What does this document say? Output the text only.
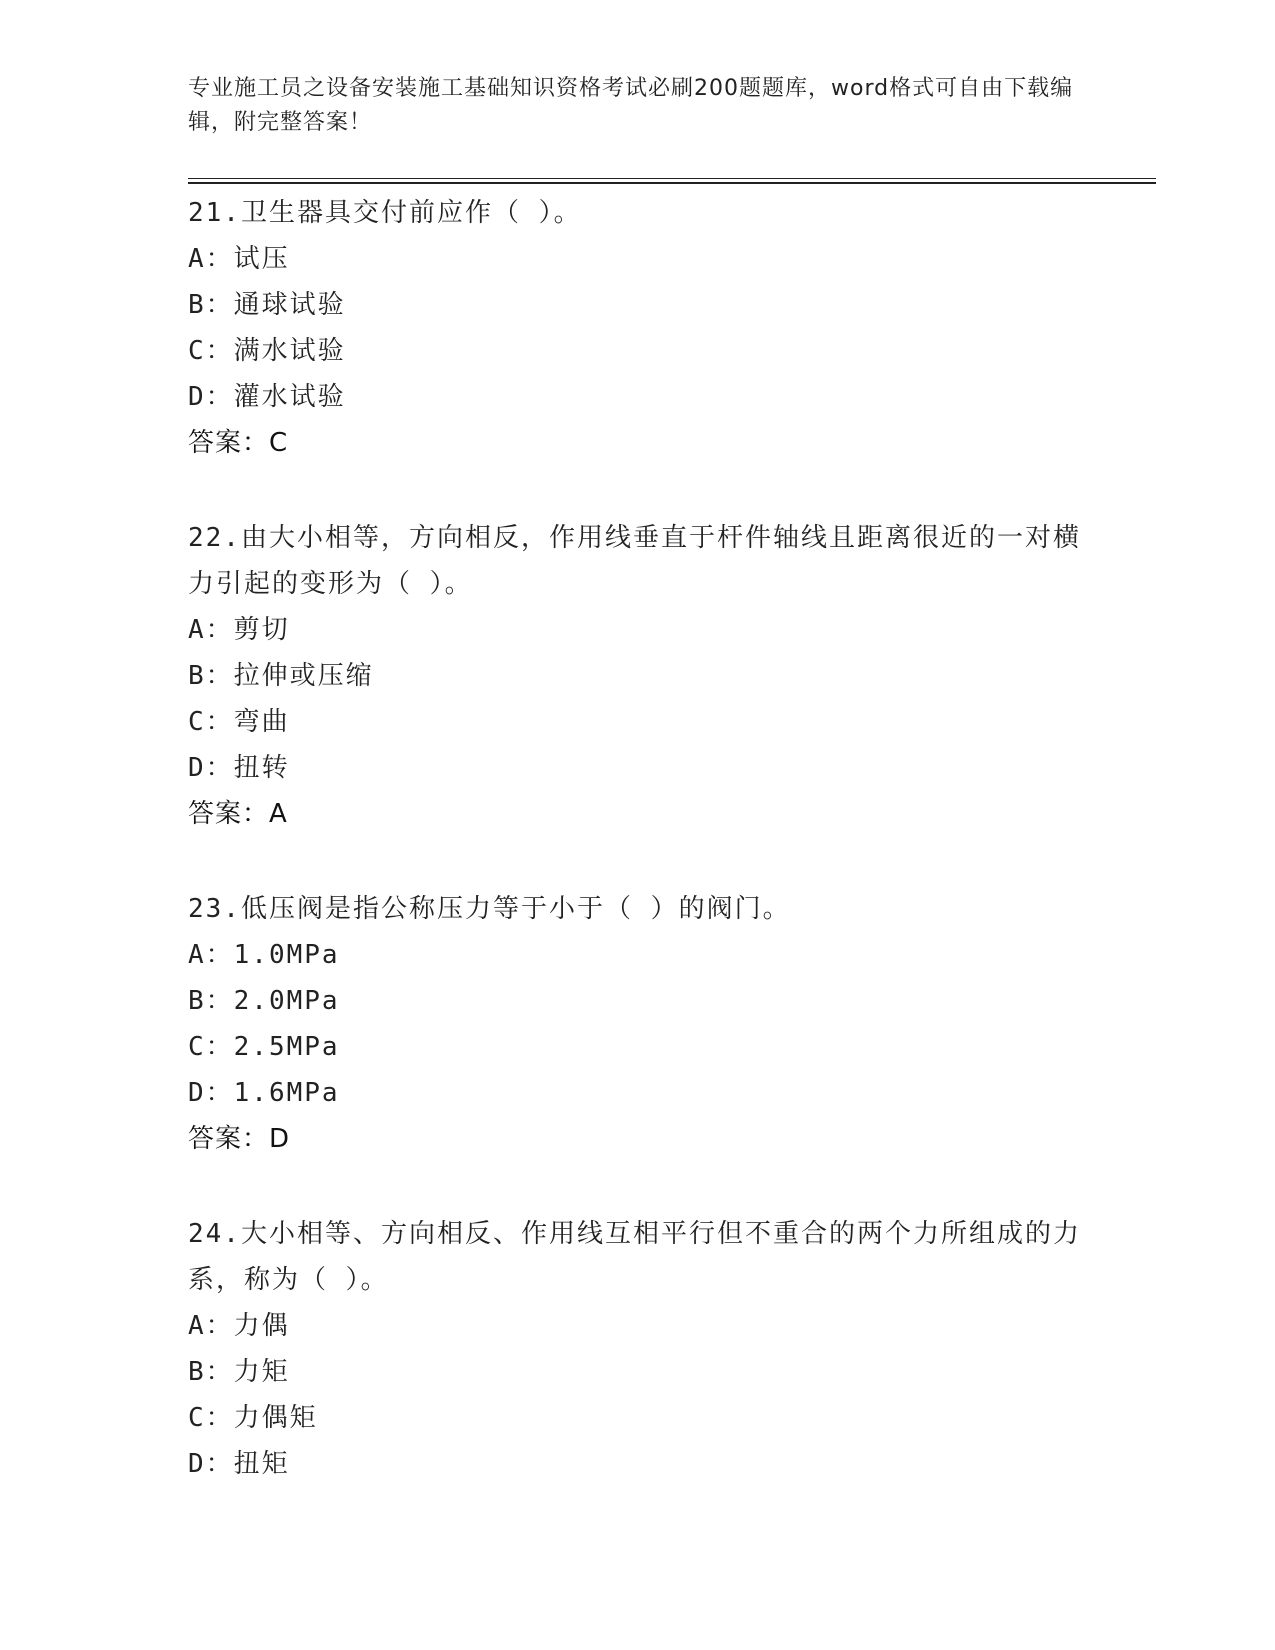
专业施工员之设备安装施工基础知识资格考试必刷200题题库，word格式可自由下载编辑，附完整答案！
21.卫生器具交付前应作（ ）。
A：试压
B：通球试验
C：满水试验
D：灌水试验
答案：C
22.由大小相等，方向相反，作用线垂直于杆件轴线且距离很近的一对横力引起的变形为（ ）。
A：剪切
B：拉伸或压缩
C：弯曲
D：扭转
答案：A
23.低压阀是指公称压力等于小于（ ）的阀门。
A：1.0MPa
B：2.0MPa
C：2.5MPa
D：1.6MPa
答案：D
24.大小相等、方向相反、作用线互相平行但不重合的两个力所组成的力系，称为（ ）。
A：力偶
B：力矩
C：力偶矩
D：扭矩
